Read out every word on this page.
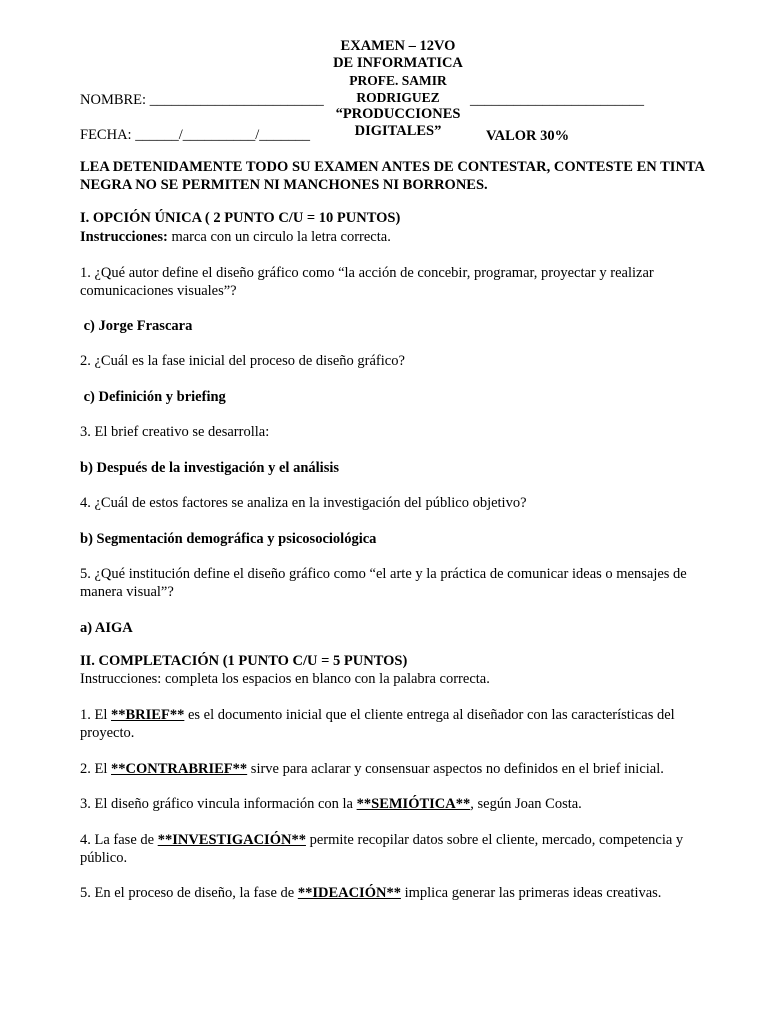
EXAMEN – 12VO
DE INFORMATICA
PROFE. SAMIR
RODRIGUEZ
“PRODUCCIONES
DIGITALES”
NOMBRE: ________________________	________________________
FECHA: ______/__________/_______	VALOR 30%
LEA DETENIDAMENTE TODO SU EXAMEN ANTES DE CONTESTAR, CONTESTE EN TINTA NEGRA NO SE PERMITEN NI MANCHONES NI BORRONES.
I. OPCIÓN ÚNICA ( 2 PUNTO C/U = 10 PUNTOS)
Instrucciones: marca con un circulo la letra correcta.
1. ¿Qué autor define el diseño gráfico como “la acción de concebir, programar, proyectar y realizar comunicaciones visuales”?
c) Jorge Frascara
2. ¿Cuál es la fase inicial del proceso de diseño gráfico?
c) Definición y briefing
3. El brief creativo se desarrolla:
b) Después de la investigación y el análisis
4. ¿Cuál de estos factores se analiza en la investigación del público objetivo?
b) Segmentación demográfica y psicosociológica
5. ¿Qué institución define el diseño gráfico como “el arte y la práctica de comunicar ideas o mensajes de manera visual”?
a) AIGA
II. COMPLETACIÓN (1 PUNTO C/U = 5 PUNTOS)
Instrucciones: completa los espacios en blanco con la palabra correcta.
1. El **BRIEF** es el documento inicial que el cliente entrega al diseñador con las características del proyecto.
2. El **CONTRABRIEF** sirve para aclarar y consensuar aspectos no definidos en el brief inicial.
3. El diseño gráfico vincula información con la **SEMIÓTICA**, según Joan Costa.
4. La fase de **INVESTIGACIÓN** permite recopilar datos sobre el cliente, mercado, competencia y público.
5. En el proceso de diseño, la fase de **IDEACIÓN** implica generar las primeras ideas creativas.
